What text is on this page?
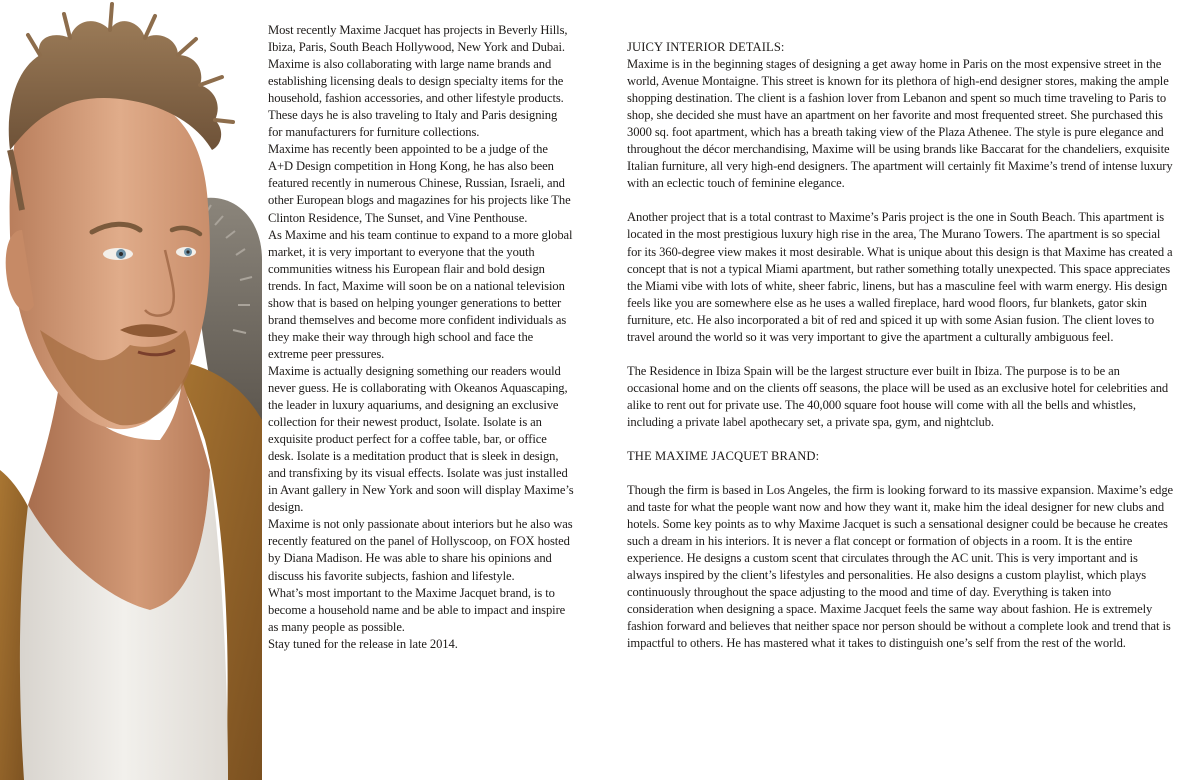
Most recently Maxime Jacquet has projects in Beverly Hills, Ibiza, Paris, South Beach Hollywood, New York and Dubai.

Maxime is also collaborating with large name brands and establishing licensing deals to design specialty items for the household, fashion accessories, and other lifestyle products. These days he is also traveling to Italy and Paris designing for manufacturers for furniture collections.

Maxime has recently been appointed to be a judge of the A+D Design competition in Hong Kong, he has also been featured recently in numerous Chinese, Russian, Israeli, and other European blogs and magazines for his projects like The Clinton Residence, The Sunset, and Vine Penthouse.

As Maxime and his team continue to expand to a more global market, it is very important to everyone that the youth communities witness his European flair and bold design trends. In fact, Maxime will soon be on a national television show that is based on helping younger generations to better brand themselves and become more confident individuals as they make their way through high school and face the extreme peer pressures.

Maxime is actually designing something our readers would never guess. He is collaborating with Okeanos Aquascaping, the leader in luxury aquariums, and designing an exclusive collection for their newest product, Isolate. Isolate is an exquisite product perfect for a coffee table, bar, or office desk. Isolate is a meditation product that is sleek in design, and transfixing by its visual effects. Isolate was just installed in Avant gallery in New York and soon will display Maxime’s design.

Maxime is not only passionate about interiors but he also was recently featured on the panel of Hollyscoop, on FOX hosted by Diana Madison. He was able to share his opinions and discuss his favorite subjects, fashion and lifestyle.

What’s most important to the Maxime Jacquet brand, is to become a household name and be able to impact and inspire as many people as possible.

Stay tuned for the release in late 2014.

JUICY INTERIOR DETAILS:

Maxime is in the beginning stages of designing a get away home in Paris on the most expensive street in the world, Avenue Montaigne. This street is known for its plethora of high-end designer stores, making the ample shopping destination. The client is a fashion lover from Lebanon and spent so much time traveling to Paris to shop, she decided she must have an apartment on her favorite and most frequented street. She purchased this 3000 sq. foot apartment, which has a breath taking view of the Plaza Athenee. The style is pure elegance and throughout the décor merchandising, Maxime will be using brands like Baccarat for the chandeliers, exquisite Italian furniture, all very high-end designers. The apartment will certainly fit Maxime’s trend of intense luxury with an eclectic touch of feminine elegance.

Another project that is a total contrast to Maxime’s Paris project is the one in South Beach. This apartment is located in the most prestigious luxury high rise in the area, The Murano Towers. The apartment is so special for its 360-degree view makes it most desirable. What is unique about this design is that Maxime has created a concept that is not a typical Miami apartment, but rather something totally unexpected. This space appreciates the Miami vibe with lots of white, sheer fabric, linens, but has a masculine feel with warm energy. His design feels like you are somewhere else as he uses a walled fireplace, hard wood floors, fur blankets, gator skin furniture, etc. He also incorporated a bit of red and spiced it up with some Asian fusion. The client loves to travel around the world so it was very important to give the apartment a culturally ambiguous feel.

The Residence in Ibiza Spain will be the largest structure ever built in Ibiza. The purpose is to be an occasional home and on the clients off seasons, the place will be used as an exclusive hotel for celebrities and alike to rent out for private use. The 40,000 square foot house will come with all the bells and whistles, including a private label apothecary set, a private spa, gym, and nightclub.

THE MAXIME JACQUET BRAND:

Though the firm is based in Los Angeles, the firm is looking forward to its massive expansion. Maxime’s edge and taste for what the people want now and how they want it, make him the ideal designer for new clubs and hotels. Some key points as to why Maxime Jacquet is such a sensational designer could be because he creates such a dream in his interiors. It is never a flat concept or formation of objects in a room. It is the entire experience. He designs a custom scent that circulates through the AC unit. This is very important and is always inspired by the client’s lifestyles and personalities. He also designs a custom playlist, which plays continuously throughout the space adjusting to the mood and time of day. Everything is taken into consideration when designing a space. Maxime Jacquet feels the same way about fashion. He is extremely fashion forward and believes that neither space nor person should be without a complete look and trend that is impactful to others. He has mastered what it takes to distinguish one’s self from the rest of the world.
